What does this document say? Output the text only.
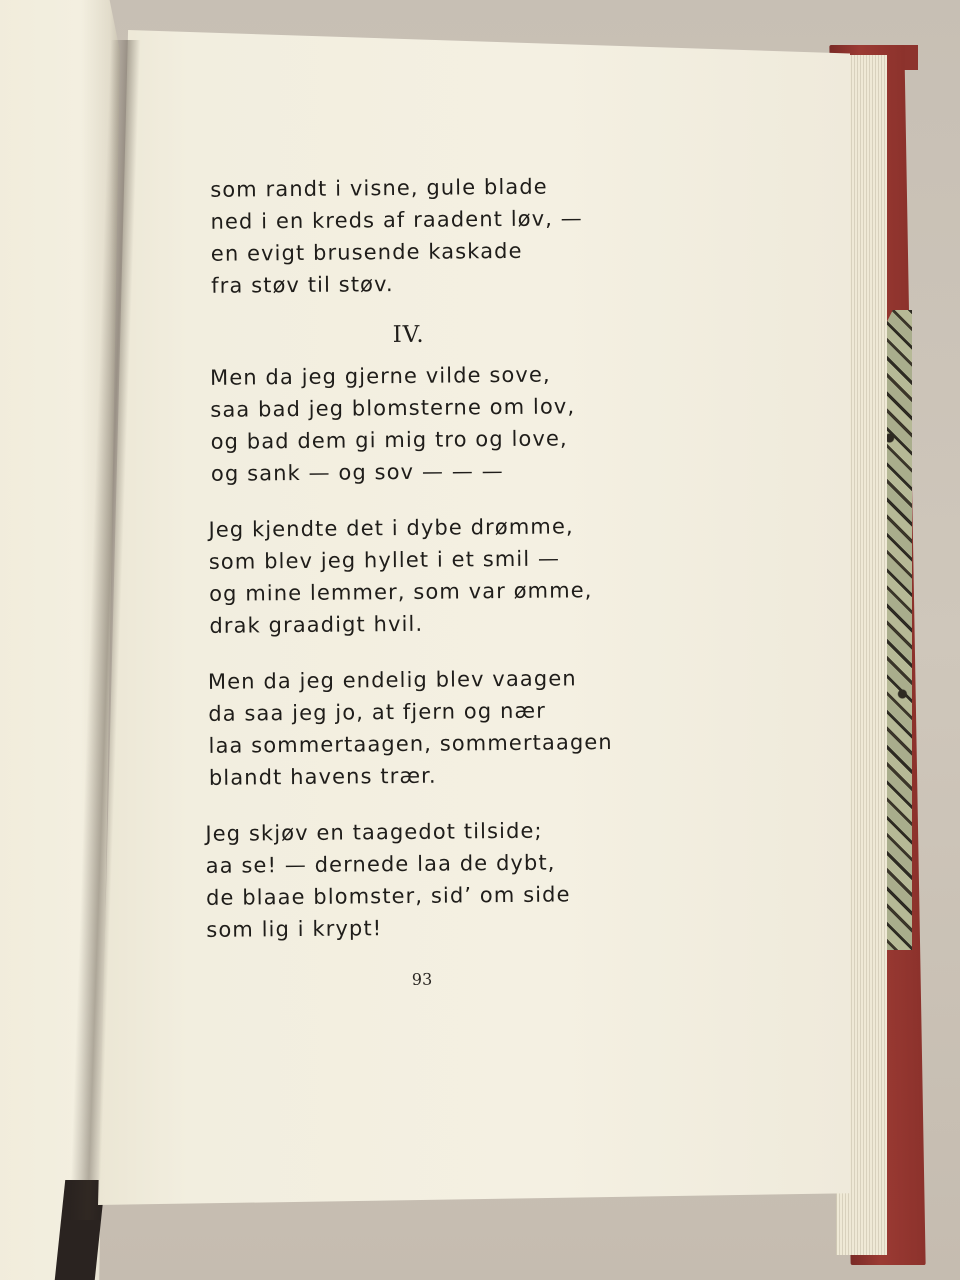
som randt i visne, gule blade
ned i en kreds af raadent løv, —
en evigt brusende kaskade
fra støv til støv.
IV.
Men da jeg gjerne vilde sove,
saa bad jeg blomsterne om lov,
og bad dem gi mig tro og love,
og sank — og sov — — —
Jeg kjendte det i dybe drømme,
som blev jeg hyllet i et smil —
og mine lemmer, som var ømme,
drak graadigt hvil.
Men da jeg endelig blev vaagen
da saa jeg jo, at fjern og nær
laa sommertaagen, sommertaagen
blandt havens trær.
Jeg skjøv en taagedot tilside;
aa se! — dernede laa de dybt,
de blaae blomster, sid’ om side
som lig i krypt!
93
